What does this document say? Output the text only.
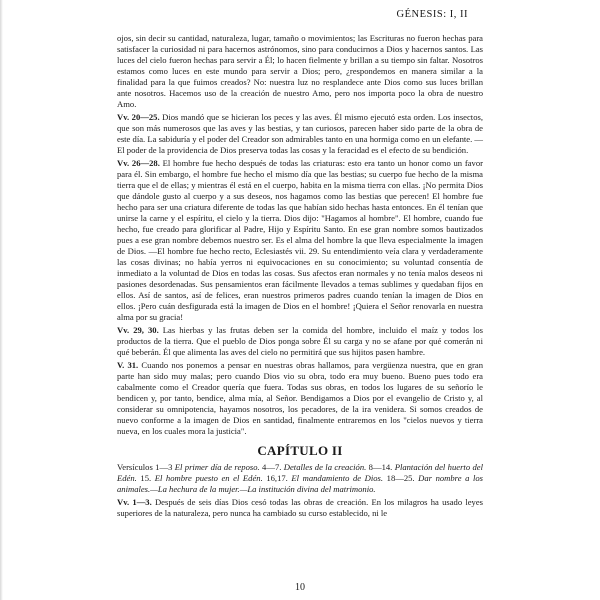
GÉNESIS: I, II

ojos, sin decir su cantidad, naturaleza, lugar, tamaño o movimientos; las Escrituras no fueron hechas para satisfacer la curiosidad ni para hacernos astrónomos, sino para conducirnos a Dios y hacernos santos. Las luces del cielo fueron hechas para servir a Él; lo hacen fielmente y brillan a su tiempo sin faltar. Nosotros estamos como luces en este mundo para servir a Dios; pero, ¿respondemos en manera similar a la finalidad para la que fuimos creados? No: nuestra luz no resplandece ante Dios como sus luces brillan ante nosotros. Hacemos uso de la creación de nuestro Amo, pero nos importa poco la obra de nuestro Amo.

Vv. 20—25. Dios mandó que se hicieran los peces y las aves. Él mismo ejecutó esta orden. Los insectos, que son más numerosos que las aves y las bestias, y tan curiosos, parecen haber sido parte de la obra de este día. La sabiduría y el poder del Creador son admirables tanto en una hormiga como en un elefante. —El poder de la providencia de Dios preserva todas las cosas y la feracidad es el efecto de su bendición.

Vv. 26—28. El hombre fue hecho después de todas las criaturas: esto era tanto un honor como un favor para él. Sin embargo, el hombre fue hecho el mismo día que las bestias; su cuerpo fue hecho de la misma tierra que el de ellas; y mientras él está en el cuerpo, habita en la misma tierra con ellas. ¡No permita Dios que dándole gusto al cuerpo y a sus deseos, nos hagamos como las bestias que perecen! El hombre fue hecho para ser una criatura diferente de todas las que habían sido hechas hasta entonces. En él tenían que unirse la carne y el espíritu, el cielo y la tierra. Dios dijo: "Hagamos al hombre". El hombre, cuando fue hecho, fue creado para glorificar al Padre, Hijo y Espíritu Santo. En ese gran nombre somos bautizados pues a ese gran nombre debemos nuestro ser. Es el alma del hombre la que lleva especialmente la imagen de Dios. —El hombre fue hecho recto, Eclesiastés vii. 29. Su entendimiento veía clara y verdaderamente las cosas divinas; no había yerros ni equivocaciones en su conocimiento; su voluntad consentía de inmediato a la voluntad de Dios en todas las cosas. Sus afectos eran normales y no tenía malos deseos ni pasiones desordenadas. Sus pensamientos eran fácilmente llevados a temas sublimes y quedaban fijos en ellos. Así de santos, así de felices, eran nuestros primeros padres cuando tenían la imagen de Dios en ellos. ¡Pero cuán desfigurada está la imagen de Dios en el hombre! ¡Quiera el Señor renovarla en nuestra alma por su gracia!

Vv. 29, 30. Las hierbas y las frutas deben ser la comida del hombre, incluido el maíz y todos los productos de la tierra. Que el pueblo de Dios ponga sobre Él su carga y no se afane por qué comerán ni qué beberán. Él que alimenta las aves del cielo no permitirá que sus hijitos pasen hambre.

V. 31. Cuando nos ponemos a pensar en nuestras obras hallamos, para vergüenza nuestra, que en gran parte han sido muy malas; pero cuando Dios vio su obra, todo era muy bueno. Bueno pues todo era cabalmente como el Creador quería que fuera. Todas sus obras, en todos los lugares de su señorío le bendicen y, por tanto, bendice, alma mía, al Señor. Bendigamos a Dios por el evangelio de Cristo y, al considerar su omnipotencia, hayamos nosotros, los pecadores, de la ira venidera. Si somos creados de nuevo conforme a la imagen de Dios en santidad, finalmente entraremos en los "cielos nuevos y tierra nueva, en los cuales mora la justicia".

CAPÍTULO II

Versículos 1—3 El primer día de reposo. 4—7. Detalles de la creación. 8—14. Plantación del huerto del Edén. 15. El hombre puesto en el Edén. 16,17. El mandamiento de Dios. 18—25. Dar nombre a los animales.—La hechura de la mujer.—La institución divina del matrimonio.

Vv. 1—3. Después de seis días Dios cesó todas las obras de creación. En los milagros ha usado leyes superiores de la naturaleza, pero nunca ha cambiado su curso establecido, ni le

10
